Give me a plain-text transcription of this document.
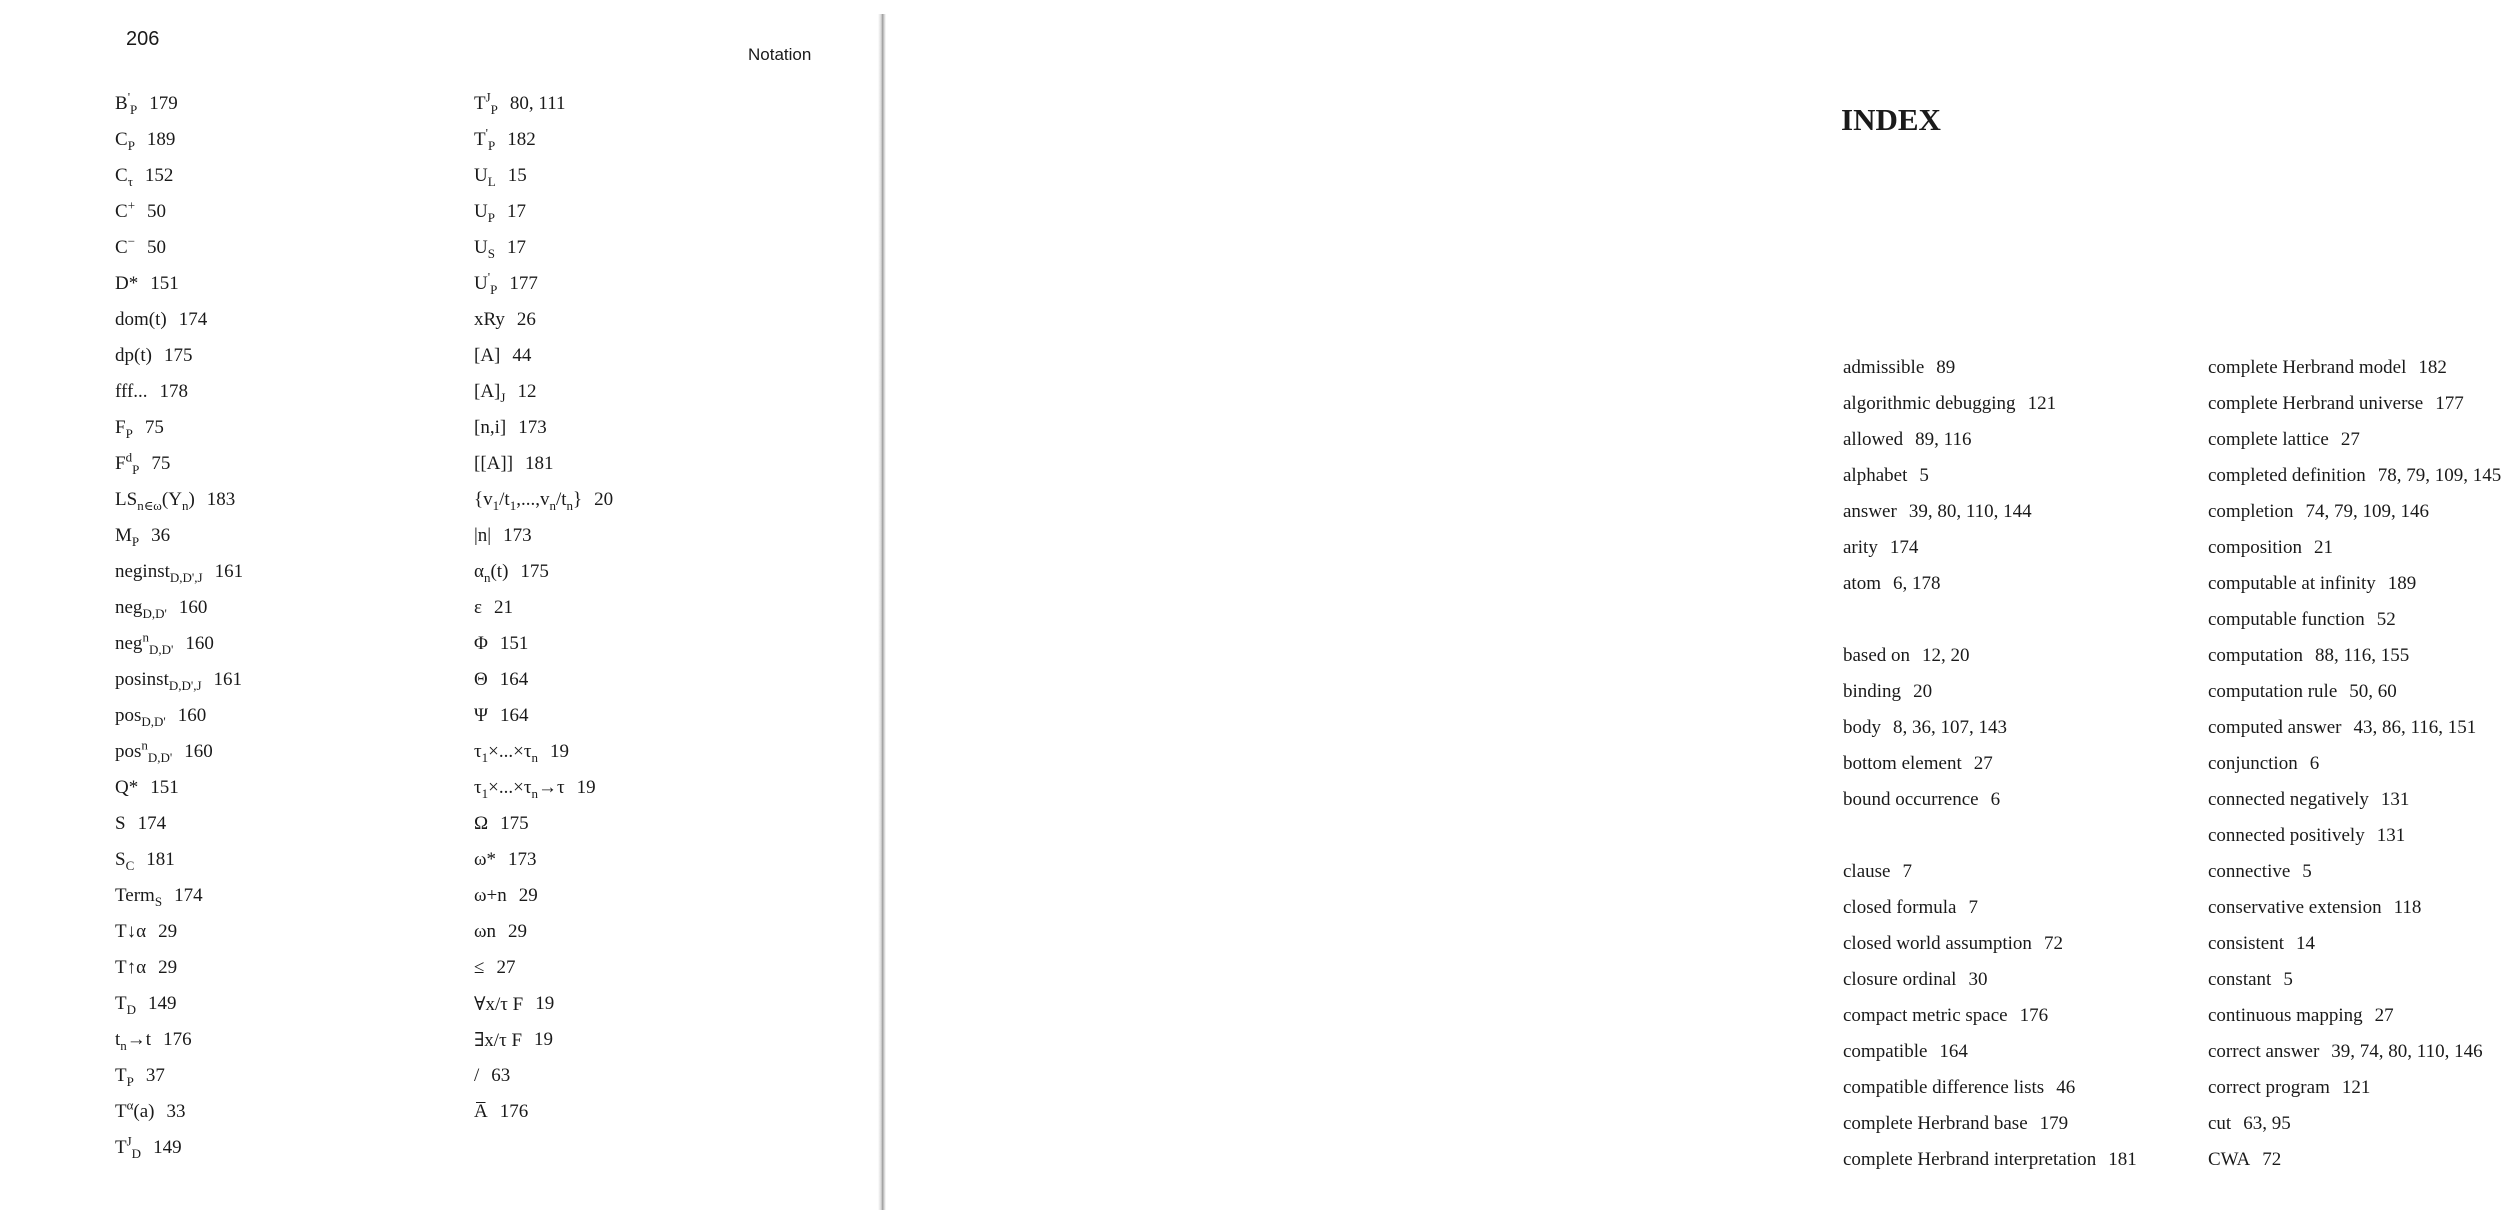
206
Notation
$B'_P$ 179
$C_P$ 189
$C_\tau$ 152
C+ 50
C− 50
D* 151
dom(t) 174
dp(t) 175
fff... 178
$F_P$ 75
$F^d_P$ 75
$LS_{n\in\omega}(Y_n)$ 183
$M_P$ 36
neginst$_{D,D',J}$ 161
neg$_{D,D'}$ 160
neg$^n_{D,D'}$ 160
posinst$_{D,D',J}$ 161
pos$_{D,D'}$ 160
pos$^n_{D,D'}$ 160
Q* 151
S 174
$S_C$ 181
Term$_S$ 174
T↓α 29
T↑α 29
$T_D$ 149
$t_n\to t$ 176
$T_P$ 37
$T^\alpha(a)$ 33
$T^J_D$ 149
$T^J_P$ 80, 111
$T'_P$ 182
$U_L$ 15
$U_P$ 17
$U_S$ 17
$U'_P$ 177
xRy 26
[A] 44
$[A]_J$ 12
[n,i] 173
[[A]] 181
$\{v_1/t_1,...,v_n/t_n\}$ 20
|n| 173
$\alpha_n(t)$ 175
ε 21
Φ 151
Θ 164
Ψ 164
$\tau_1\times...\times\tau_n$ 19
$\tau_1\times...\times\tau_n\to\tau$ 19
Ω 175
ω* 173
ω+n 29
ωn 29
≤ 27
∀x/τ F 19
∃x/τ F 19
/ 63
A̅ 176
INDEX
admissible 89
algorithmic debugging 121
allowed 89, 116
alphabet 5
answer 39, 80, 110, 144
arity 174
atom 6, 178
based on 12, 20
binding 20
body 8, 36, 107, 143
bottom element 27
bound occurrence 6
clause 7
closed formula 7
closed world assumption 72
closure ordinal 30
compact metric space 176
compatible 164
compatible difference lists 46
complete Herbrand base 179
complete Herbrand interpretation 181
complete Herbrand model 182
complete Herbrand universe 177
complete lattice 27
completed definition 78, 79, 109, 145
completion 74, 79, 109, 146
composition 21
computable at infinity 189
computable function 52
computation 88, 116, 155
computation rule 50, 60
computed answer 43, 86, 116, 151
conjunction 6
connected negatively 131
connected positively 131
connective 5
conservative extension 118
consistent 14
constant 5
continuous mapping 27
correct answer 39, 74, 80, 110, 146
correct program 121
cut 63, 95
CWA 72
